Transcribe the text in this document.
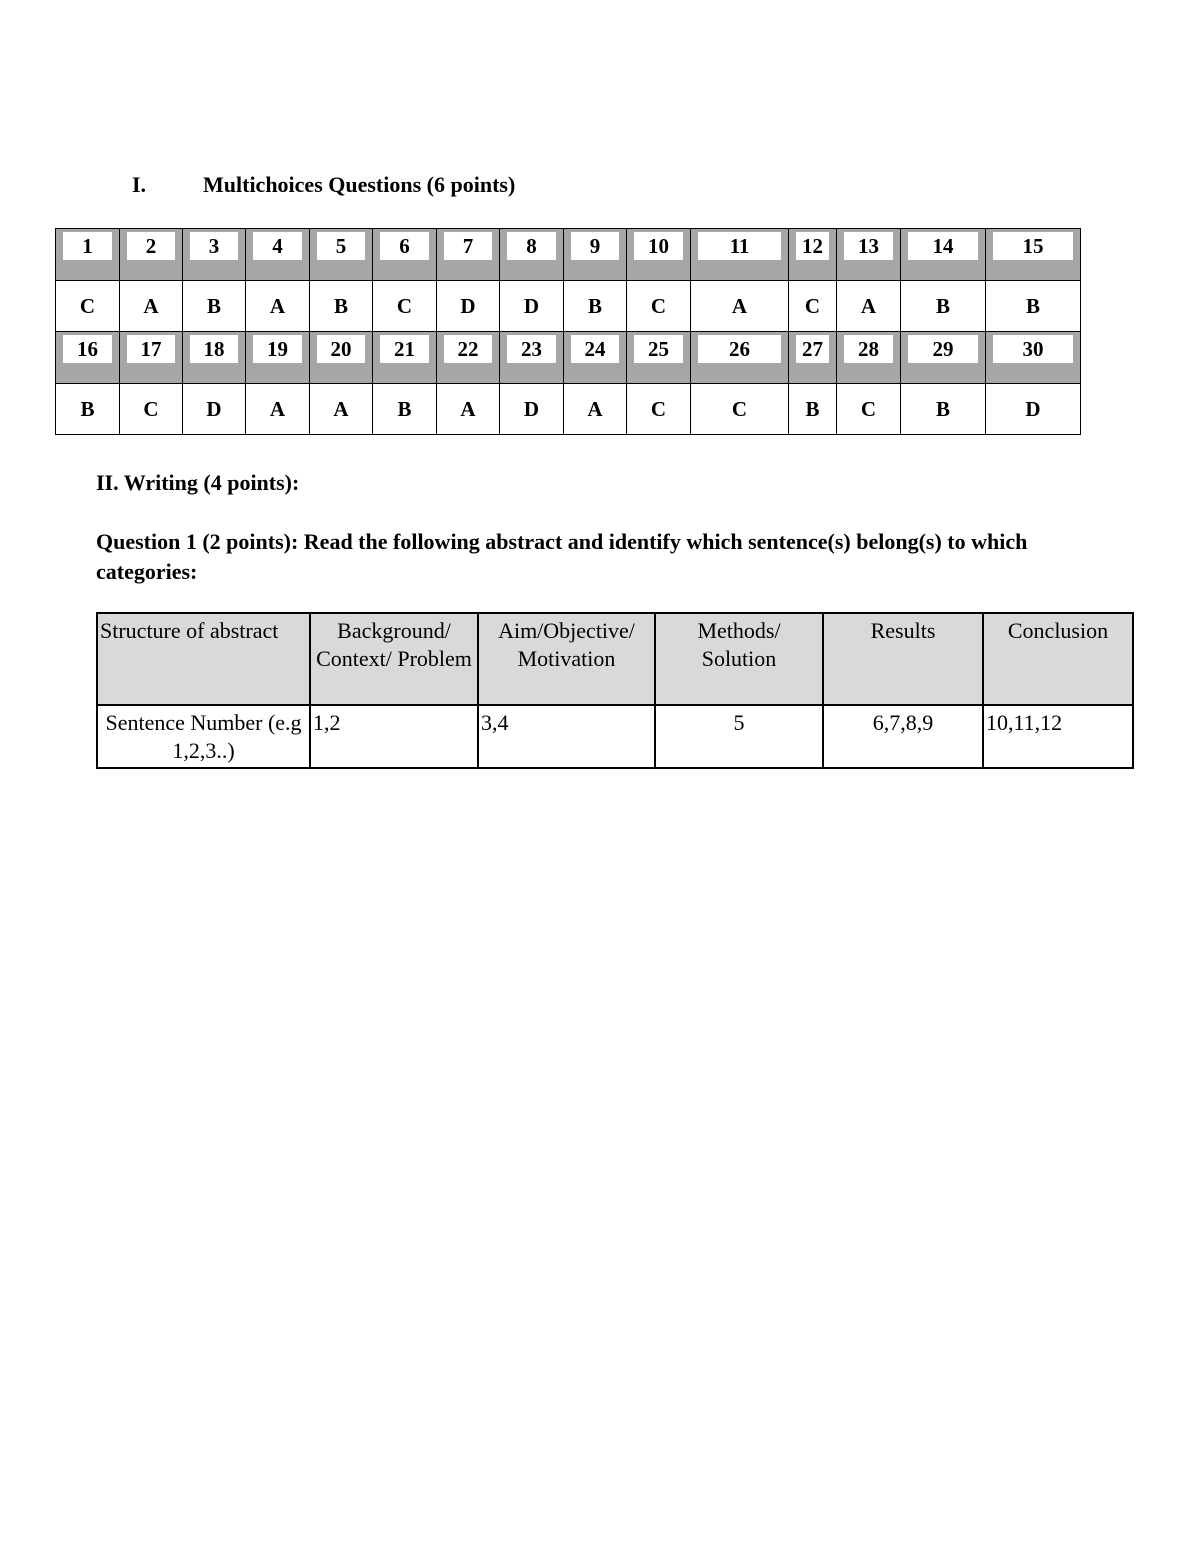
I.	Multichoices Questions (6 points)
1	2	3	4	5	6	7	8	9	10	11	12	13	14	15

C	A	B	A	B	C	D	D	B	C	A	C	A	B	B

16	17	18	19	20	21	22	23	24	25	26	27	28	29	30

B	C	D	A	A	B	A	D	A	C	C	B	C	B	D
II. Writing (4 points):
Question 1 (2 points): Read the following abstract and identify which sentence(s) belong(s) to which categories:
Structure of abstract	Background/ Context/ Problem	Aim/Objective/ Motivation	Methods/ Solution	Results	Conclusion
Sentence Number (e.g 1,2,3..)	1,2	3,4	5	6,7,8,9	10,11,12
